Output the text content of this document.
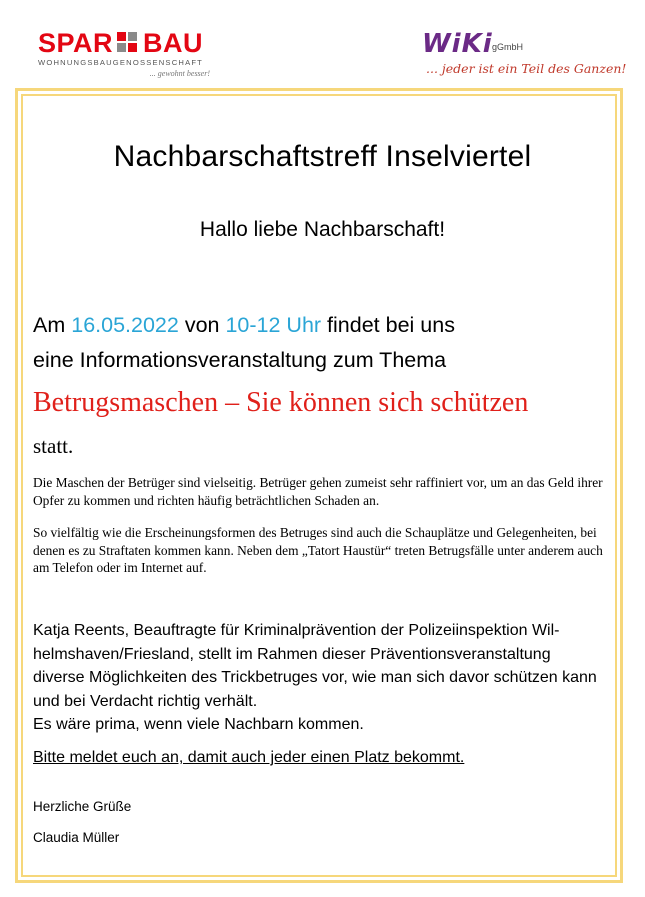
SPAR BAU
WOHNUNGSBAUGENOSSENSCHAFT
... gewohnt besser!
WiKi gGmbH
... jeder ist ein Teil des Ganzen!
Nachbarschaftstreff Inselviertel
Hallo liebe Nachbarschaft!
Am 16.05.2022 von 10-12 Uhr findet bei uns
eine Informationsveranstaltung zum Thema
Betrugsmaschen – Sie können sich schützen
statt.
Die Maschen der Betrüger sind vielseitig. Betrüger gehen zumeist sehr raffiniert vor, um an das Geld ihrer Opfer zu kommen und richten häufig beträchtlichen Schaden an.
So vielfältig wie die Erscheinungsformen des Betruges sind auch die Schauplätze und Gelegenheiten, bei denen es zu Straftaten kommen kann. Neben dem „Tatort Haustür“ treten Betrugsfälle unter anderem auch am Telefon oder im Internet auf.
Katja Reents, Beauftragte für Kriminalprävention der Polizeiinspektion Wil-helmshaven/Friesland, stellt im Rahmen dieser Präventionsveranstaltung diverse Möglichkeiten des Trickbetruges vor, wie man sich davor schützen kann und bei Verdacht richtig verhält.
Es wäre prima, wenn viele Nachbarn kommen.
Bitte meldet euch an, damit auch jeder einen Platz bekommt.
Herzliche Grüße
Claudia Müller
